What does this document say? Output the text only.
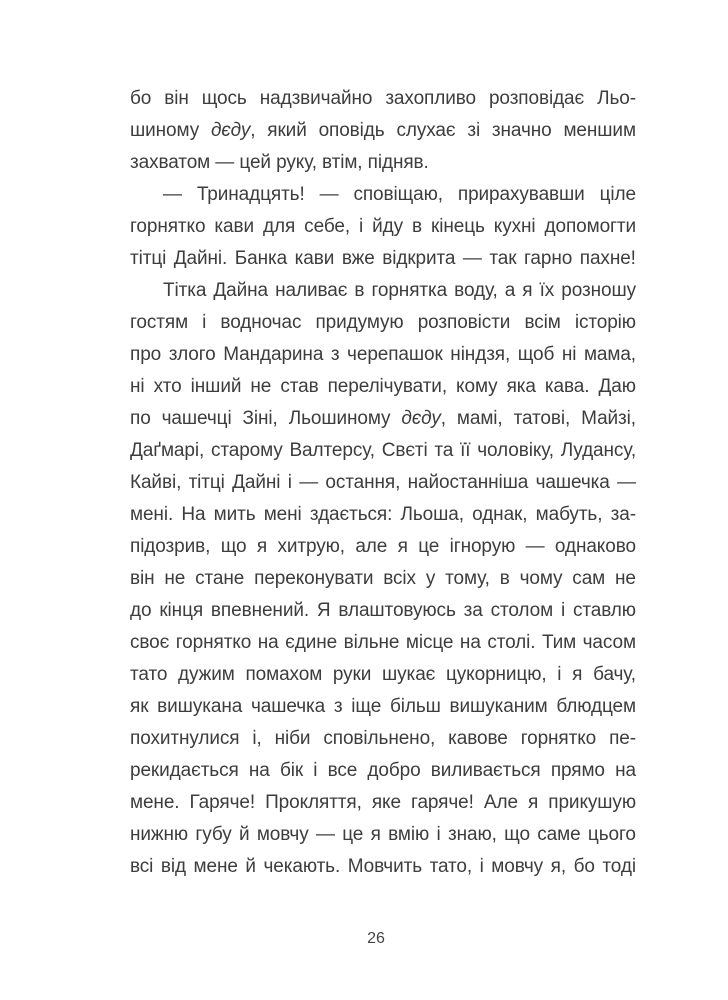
бо він щось надзвичайно захопливо розповідає Льо-
шиному дєду, який оповідь слухає зі значно меншим
захватом — цей руку, втім, підняв.
— Тринадцять! — сповіщаю, прирахувавши ціле
горнятко кави для себе, і йду в кінець кухні допомогти
тітці Дайні. Банка кави вже відкрита — так гарно пахне!
Тітка Дайна наливає в горнятка воду, а я їх розношу
гостям і водночас придумую розповісти всім історію
про злого Мандарина з черепашок ніндзя, щоб ні мама,
ні хто інший не став перелічувати, кому яка кава. Даю
по чашечці Зіні, Льошиному дєду, мамі, татові, Майзі,
Даґмарі, старому Валтерсу, Свєті та її чоловіку, Лудансу,
Кайві, тітці Дайні і — остання, найостанніша чашечка —
мені. На мить мені здається: Льоша, однак, мабуть, за-
підозрив, що я хитрую, але я це ігнорую — однаково
він не стане переконувати всіх у тому, в чому сам не
до кінця впевнений. Я влаштовуюсь за столом і ставлю
своє горнятко на єдине вільне місце на столі. Тим часом
тато дужим помахом руки шукає цукорницю, і я бачу,
як вишукана чашечка з іще більш вишуканим блюдцем
похитнулися і, ніби сповільнено, кавове горнятко пе-
рекидається на бік і все добро виливається прямо на
мене. Гаряче! Прокляття, яке гаряче! Але я прикушую
нижню губу й мовчу — це я вмію і знаю, що саме цього
всі від мене й чекають. Мовчить тато, і мовчу я, бо тоді
26
